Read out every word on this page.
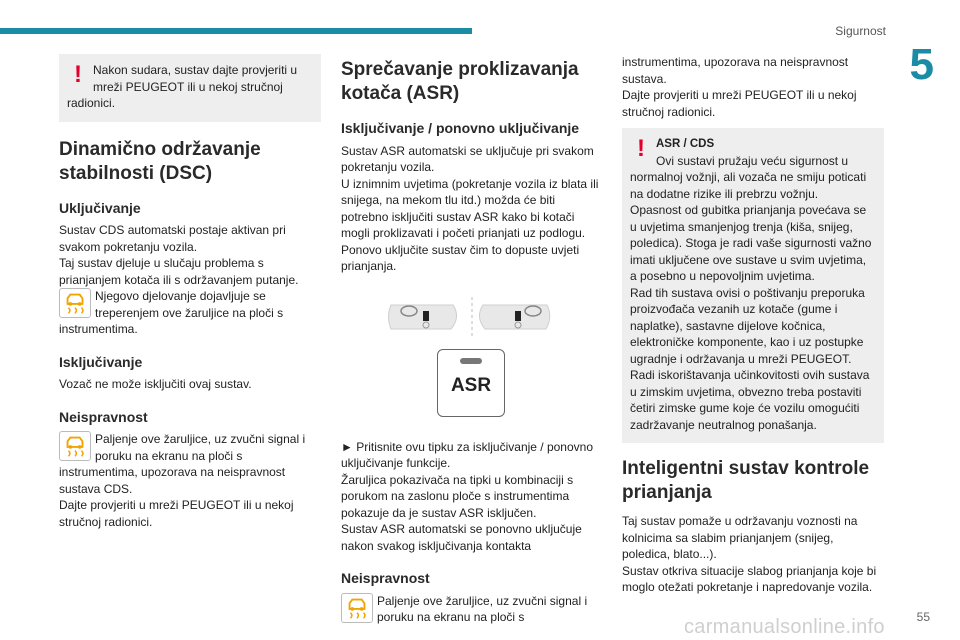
Sigurnost
5
! Nakon sudara, sustav dajte provjeriti u mreži PEUGEOT ili u nekoj stručnoj radionici.
Dinamično održavanje stabilnosti (DSC)
Uključivanje

Sustav CDS automatski postaje aktivan pri svakom pokretanju vozila.

Taj sustav djeluje u slučaju problema s prianjanjem kotača ili s održavanjem putanje.

Njegovo djelovanje dojavljuje se treperenjem ove žaruljice na ploči s instrumentima.

Isključivanje

Vozač ne može isključiti ovaj sustav.

Neispravnost

Paljenje ove žaruljice, uz zvučni signal i poruku na ekranu na ploči s instrumentima, upozorava na neispravnost sustava CDS.

Dajte provjeriti u mreži PEUGEOT ili u nekoj stručnoj radionici.

Sprečavanje proklizavanja kotača (ASR)
Isključivanje / ponovno uključivanje

Sustav ASR automatski se uključuje pri svakom pokretanju vozila.

U iznimnim uvjetima (pokretanje vozila iz blata ili snijega, na mekom tlu itd.) možda će biti potrebno isključiti sustav ASR kako bi kotači mogli proklizavati i početi prianjati uz podlogu.

Ponovo uključite sustav čim to dopuste uvjeti prianjanja.

ASR

► Pritisnite ovu tipku za isključivanje / ponovno uključivanje funkcije.

Žaruljica pokazivača na tipki u kombinaciji s porukom na zaslonu ploče s instrumentima pokazuje da je sustav ASR isključen.

Sustav ASR automatski se ponovno uključuje nakon svakog isključivanja kontakta

Neispravnost

Paljenje ove žaruljice, uz zvučni signal i poruku na ekranu na ploči s

instrumentima, upozorava na neispravnost sustava.

Dajte provjeriti u mreži PEUGEOT ili u nekoj stručnoj radionici.

! ASR / CDS

Ovi sustavi pružaju veću sigurnost u normalnoj vožnji, ali vozača ne smiju poticati na dodatne rizike ili prebrzu vožnju.

Opasnost od gubitka prianjanja povećava se u uvjetima smanjenjog trenja (kiša, snijeg, poledica). Stoga je radi vaše sigurnosti važno imati uključene ove sustave u svim uvjetima, a posebno u nepovoljnim uvjetima.

Rad tih sustava ovisi o poštivanju preporuka proizvođača vezanih uz kotače (gume i naplatke), sastavne dijelove kočnica, elektroničke komponente, kao i uz postupke ugradnje i održavanja u mreži PEUGEOT.

Radi iskorištavanja učinkovitosti ovih sustava u zimskim uvjetima, obvezno treba postaviti četiri zimske gume koje će vozilu omogućiti zadržavanje neutralnog ponašanja.

Inteligentni sustav kontrole prianjanja

Taj sustav pomaže u održavanju voznosti na kolnicima sa slabim prianjanjem (snijeg, poledica, blato...).

Sustav otkriva situacije slabog prianjanja koje bi moglo otežati pokretanje i napredovanje vozila.

55
carmanualsonline.info
